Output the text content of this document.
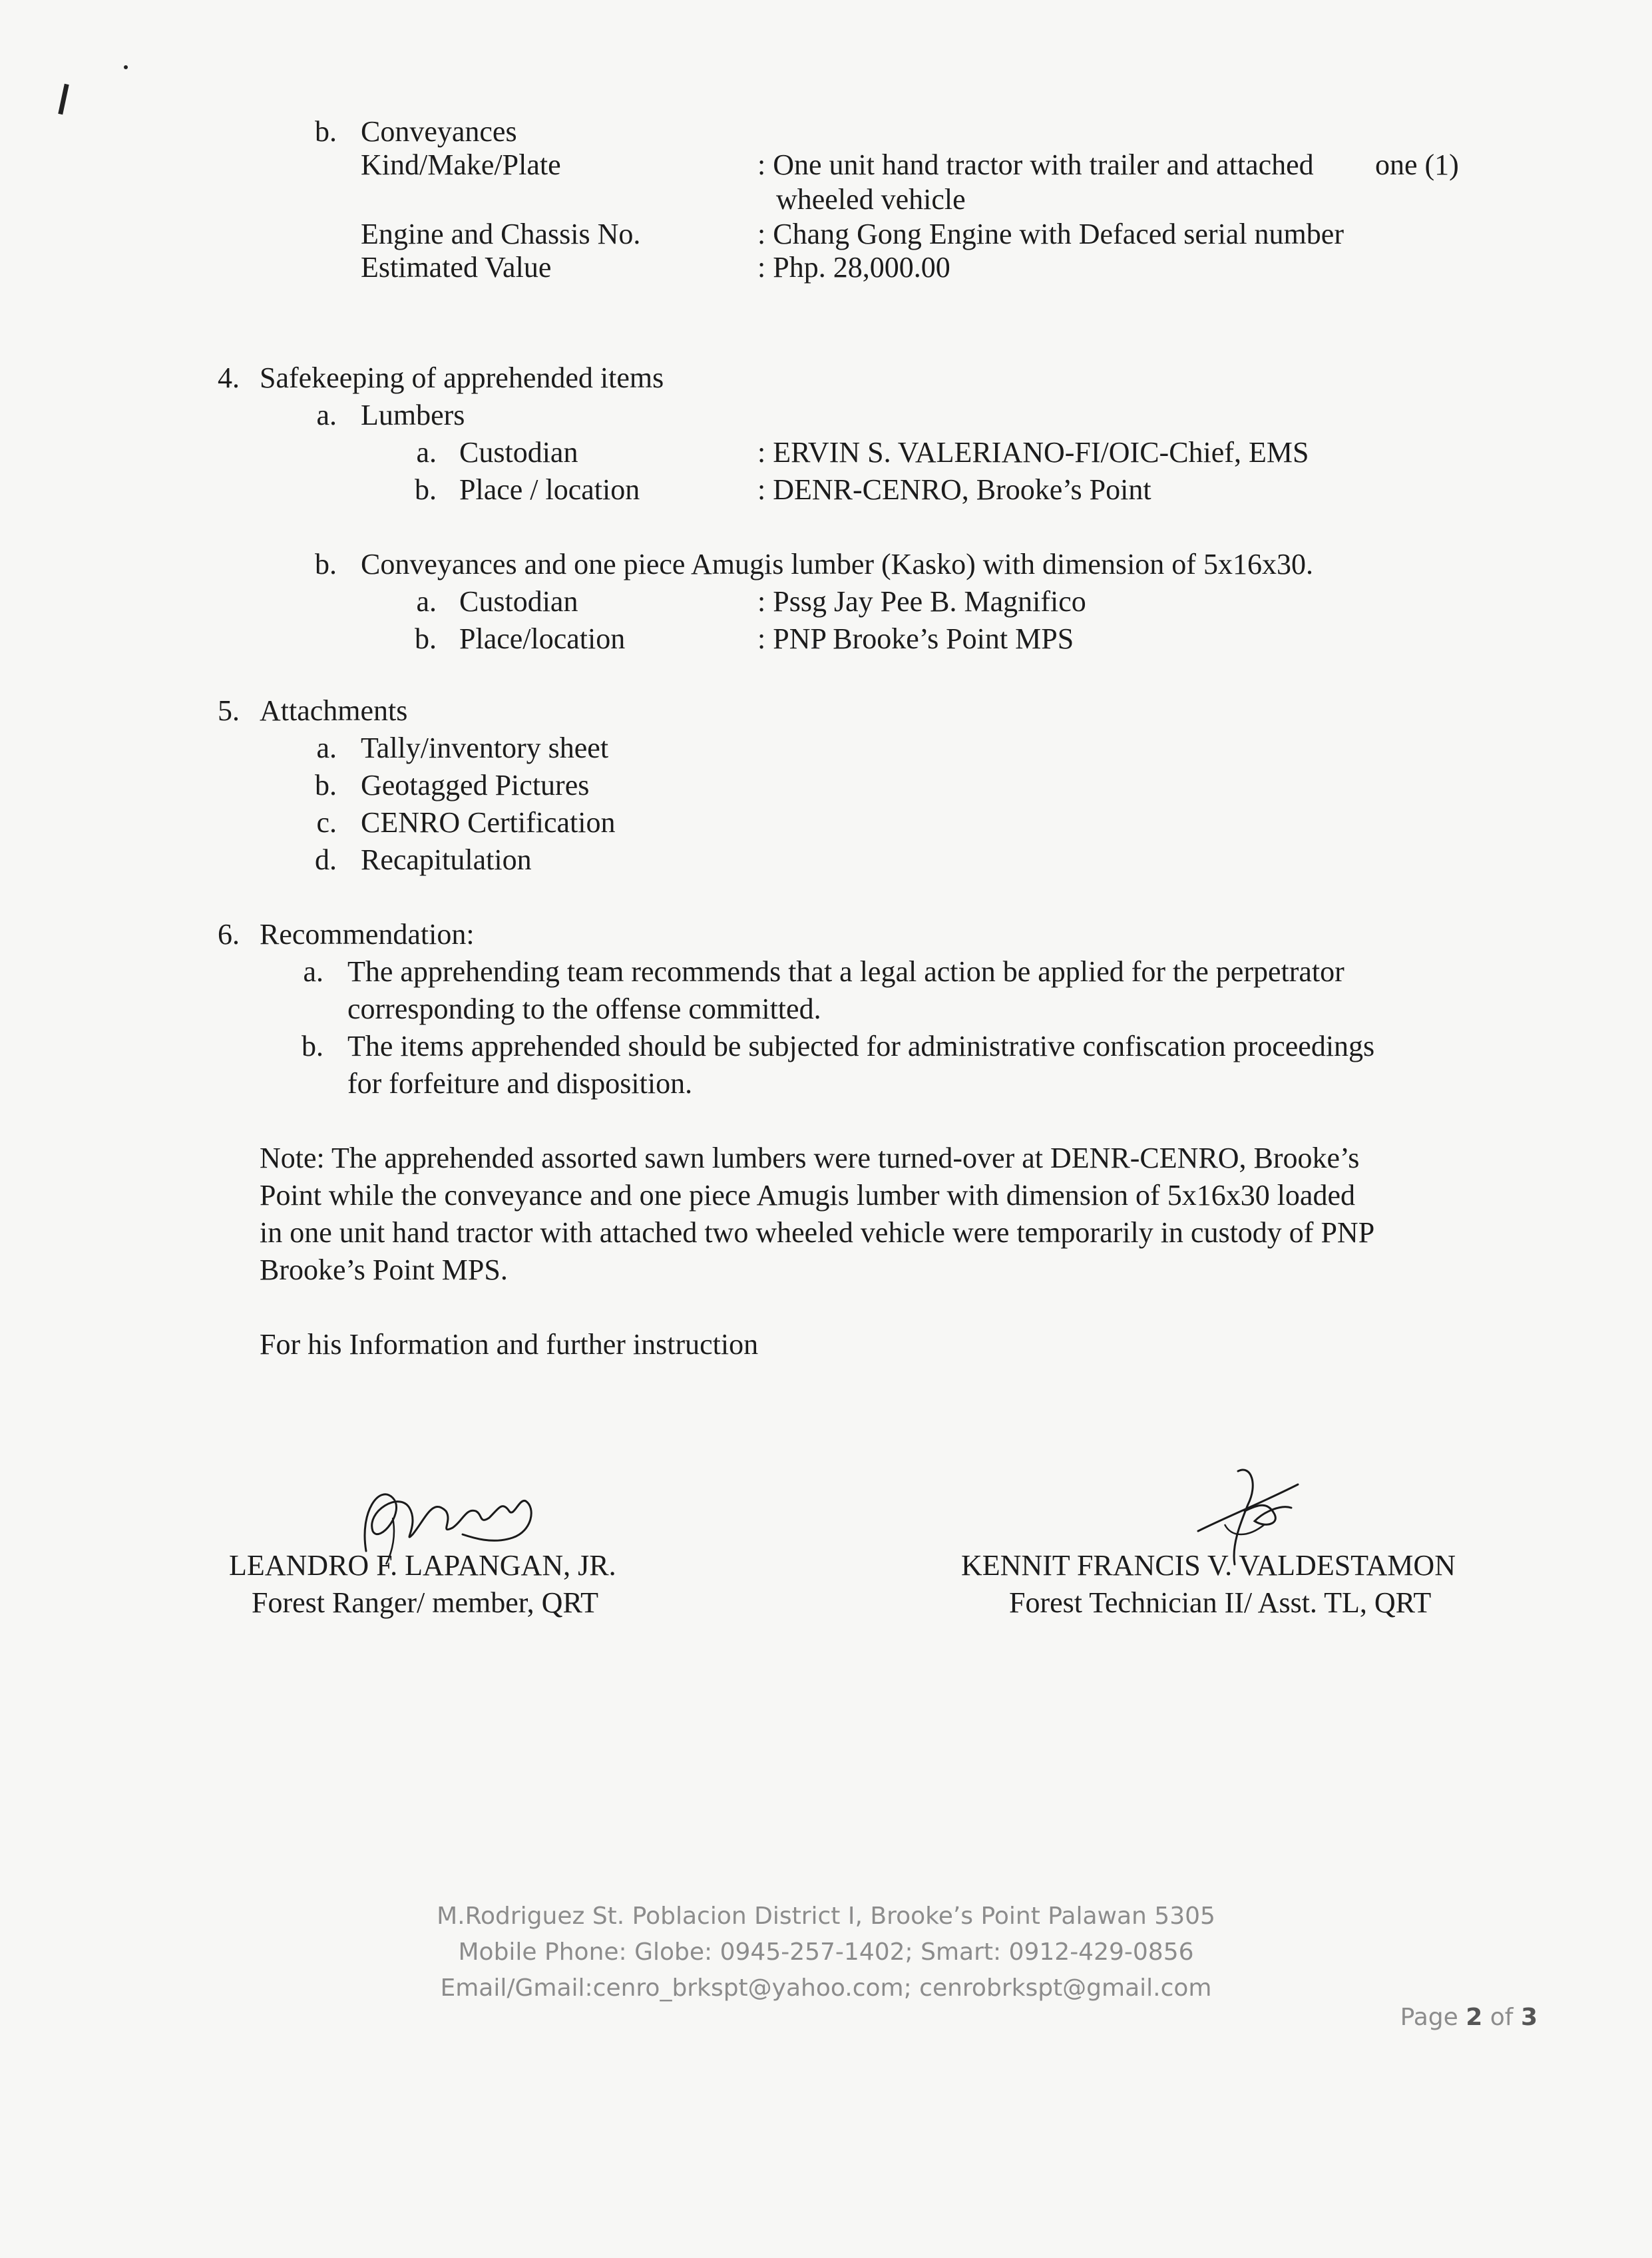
b. Conveyances
Kind/Make/Plate	: One unit hand tractor with trailer and attached one (1)
wheeled vehicle
Engine and Chassis No.	: Chang Gong Engine with Defaced serial number
Estimated Value	: Php. 28,000.00
4. Safekeeping of apprehended items
a. Lumbers
a. Custodian	: ERVIN S. VALERIANO-FI/OIC-Chief, EMS
b. Place / location	: DENR-CENRO, Brooke’s Point
b. Conveyances and one piece Amugis lumber (Kasko) with dimension of 5x16x30.
a. Custodian	: Pssg Jay Pee B. Magnifico
b. Place/location	: PNP Brooke’s Point MPS
5. Attachments
a. Tally/inventory sheet
b. Geotagged Pictures
c. CENRO Certification
d. Recapitulation
6. Recommendation:
a. The apprehending team recommends that a legal action be applied for the perpetrator
corresponding to the offense committed.
b. The items apprehended should be subjected for administrative confiscation proceedings
for forfeiture and disposition.
Note: The apprehended assorted sawn lumbers were turned-over at DENR-CENRO, Brooke’s
Point while the conveyance and one piece Amugis lumber with dimension of 5x16x30 loaded
in one unit hand tractor with attached two wheeled vehicle were temporarily in custody of PNP
Brooke’s Point MPS.
For his Information and further instruction
LEANDRO F. LAPANGAN, JR.
Forest Ranger/ member, QRT
KENNIT FRANCIS V. VALDESTAMON
Forest Technician II/ Asst. TL, QRT
M.Rodriguez St. Poblacion District I, Brooke’s Point Palawan 5305
Mobile Phone: Globe: 0945-257-1402; Smart: 0912-429-0856
Email/Gmail:cenro_brkspt@yahoo.com; cenrobrkspt@gmail.com
Page 2 of 3
